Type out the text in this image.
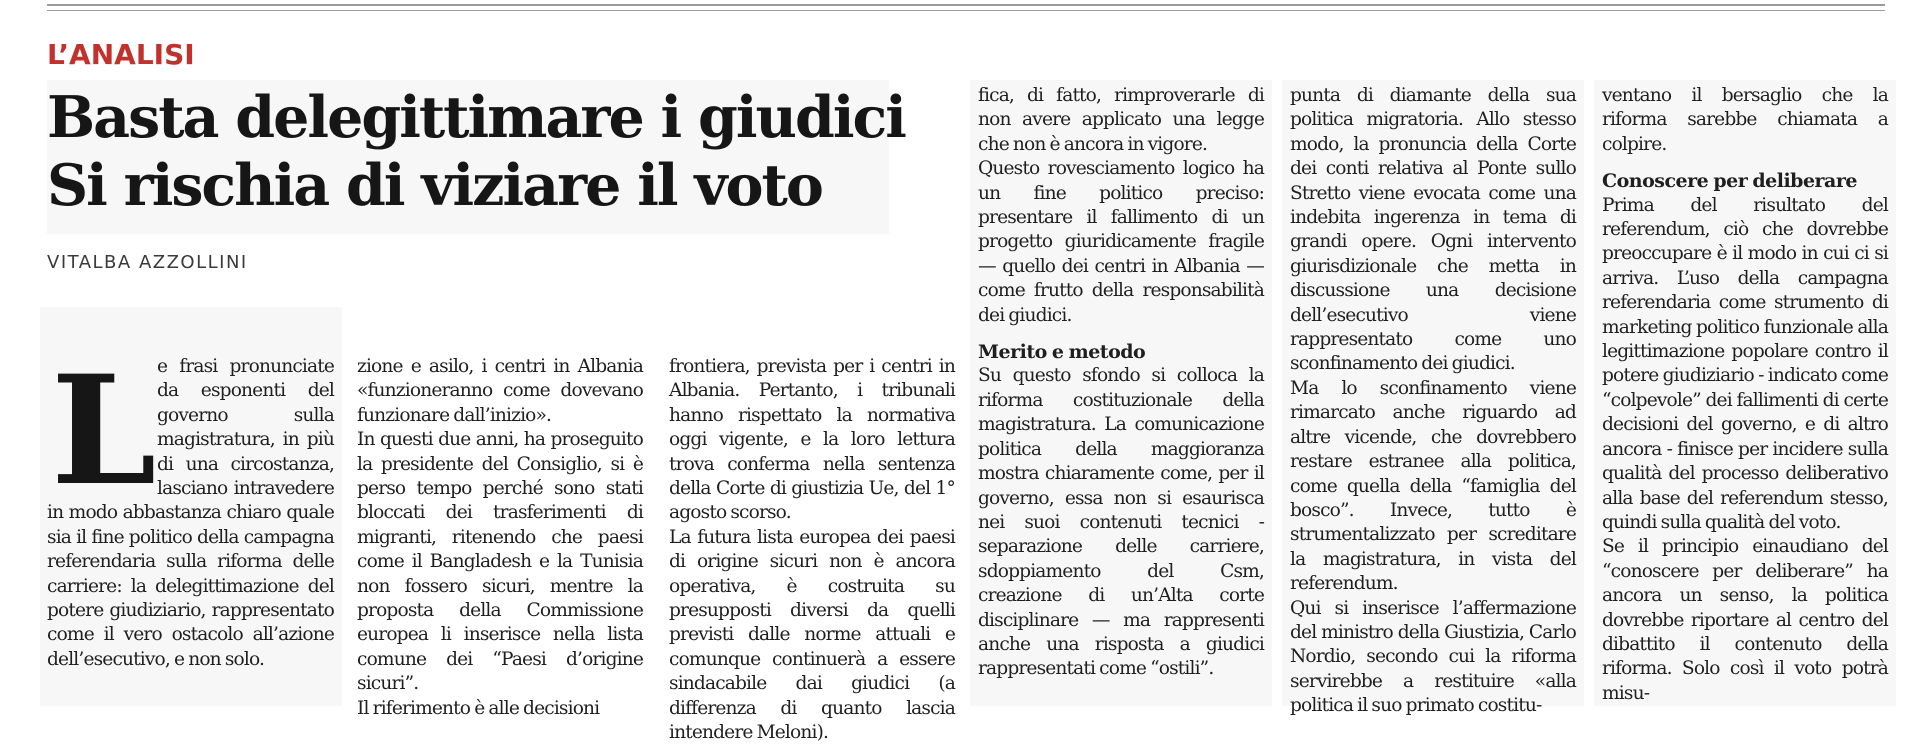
L’ANALISI
Basta delegittimare i giudici
Si rischia di viziare il voto
VITALBA AZZOLLINI
L e frasi pronunciate da esponenti del governo sulla magistratura, in più di una circostanza, lasciano intravedere in modo abbastanza chiaro quale sia il fine politico della campagna referendaria sulla riforma delle carriere: la delegittimazione del potere giudiziario, rappresentato come il vero ostacolo all’azione dell’esecutivo, e non solo.

zione e asilo, i centri in Albania «funzioneranno come dovevano funzionare dall’inizio».

In questi due anni, ha proseguito la presidente del Consiglio, si è perso tempo perché sono stati bloccati dei trasferimenti di migranti, ritenendo che paesi come il Bangladesh e la Tunisia non fossero sicuri, mentre la proposta della Commissione europea li inserisce nella lista comune dei “Paesi d’origine sicuri”.

Il riferimento è alle decisioni

frontiera, prevista per i centri in Albania. Pertanto, i tribunali hanno rispettato la normativa oggi vigente, e la loro lettura trova conferma nella sentenza della Corte di giustizia Ue, del 1° agosto scorso.

La futura lista europea dei paesi di origine sicuri non è ancora operativa, è costruita su presupposti diversi da quelli previsti dalle norme attuali e comunque continuerà a essere sindacabile dai giudici (a differenza di quanto lascia intendere Meloni).

fica, di fatto, rimproverarle di non avere applicato una legge che non è ancora in vigore.

Questo rovesciamento logico ha un fine politico preciso: presentare il fallimento di un progetto giuridicamente fragile — quello dei centri in Albania — come frutto della responsabilità dei giudici.

Merito e metodo

Su questo sfondo si colloca la riforma costituzionale della magistratura. La comunicazione politica della maggioranza mostra chiaramente come, per il governo, essa non si esaurisca nei suoi contenuti tecnici - separazione delle carriere, sdoppiamento del Csm, creazione di un’Alta corte disciplinare — ma rappresenti anche una risposta a giudici rappresentati come “ostili”.

punta di diamante della sua politica migratoria. Allo stesso modo, la pronuncia della Corte dei conti relativa al Ponte sullo Stretto viene evocata come una indebita ingerenza in tema di grandi opere. Ogni intervento giurisdizionale che metta in discussione una decisione dell’esecutivo viene rappresentato come uno sconfinamento dei giudici.

Ma lo sconfinamento viene rimarcato anche riguardo ad altre vicende, che dovrebbero restare estranee alla politica, come quella della “famiglia del bosco”. Invece, tutto è strumentalizzato per screditare la magistratura, in vista del referendum.

Qui si inserisce l’affermazione del ministro della Giustizia, Carlo Nordio, secondo cui la riforma servirebbe a restituire «alla politica il suo primato costitu-

ventano il bersaglio che la riforma sarebbe chiamata a colpire.

Conoscere per deliberare

Prima del risultato del referendum, ciò che dovrebbe preoccupare è il modo in cui ci si arriva. L’uso della campagna referendaria come strumento di marketing politico funzionale alla legittimazione popolare contro il potere giudiziario - indicato come “colpevole” dei fallimenti di certe decisioni del governo, e di altro ancora - finisce per incidere sulla qualità del processo deliberativo alla base del referendum stesso, quindi sulla qualità del voto.

Se il principio einaudiano del “conoscere per deliberare” ha ancora un senso, la politica dovrebbe riportare al centro del dibattito il contenuto della riforma. Solo così il voto potrà misu-
